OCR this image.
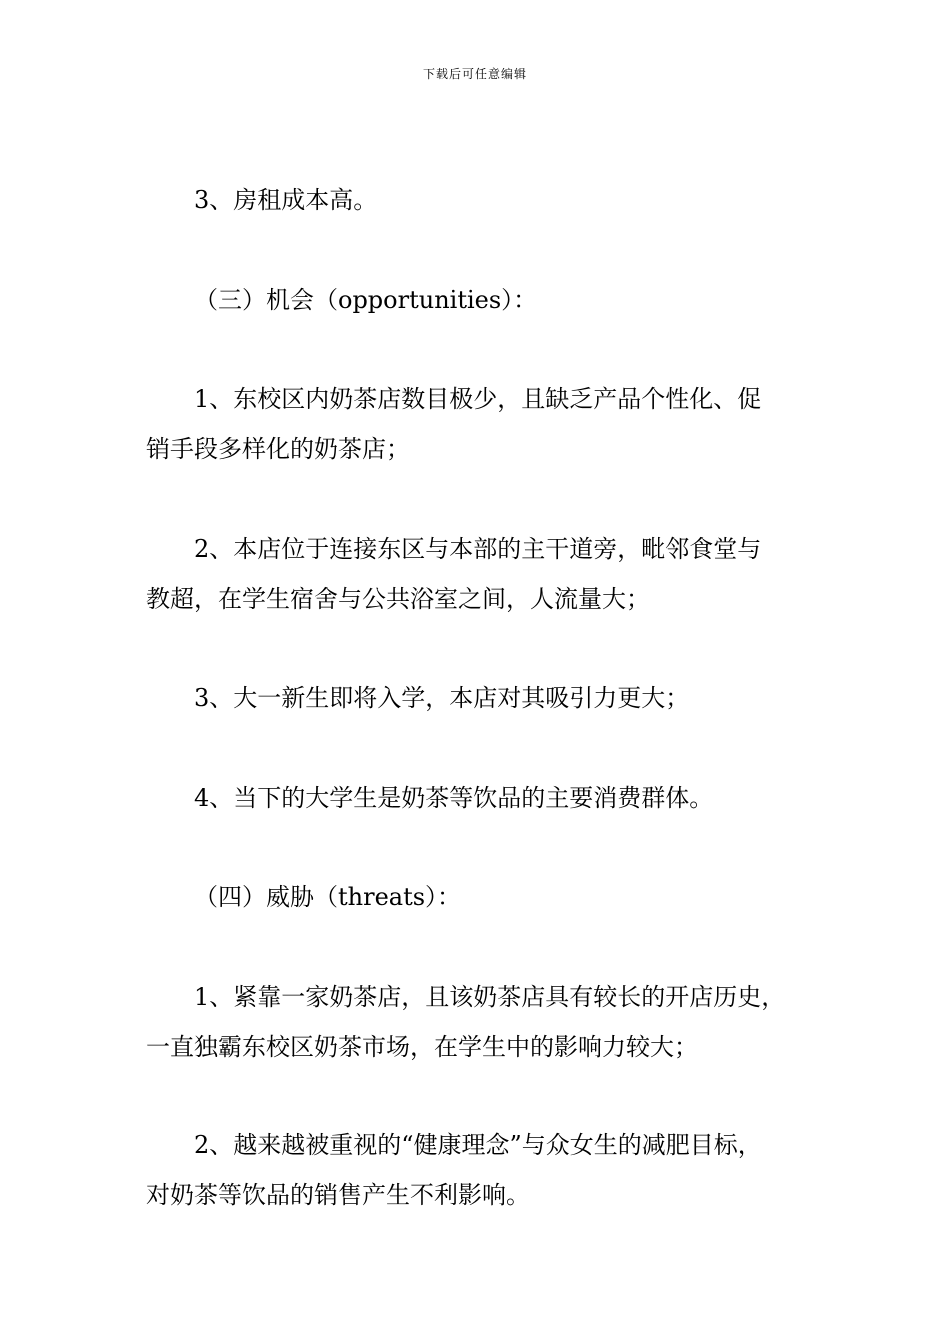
下载后可任意编辑

3、房租成本高。

（三）机会（opportunities）：

1、东校区内奶茶店数目极少，且缺乏产品个性化、促
销手段多样化的奶茶店；

2、本店位于连接东区与本部的主干道旁，毗邻食堂与
教超，在学生宿舍与公共浴室之间，人流量大；

3、大一新生即将入学，本店对其吸引力更大；

4、当下的大学生是奶茶等饮品的主要消费群体。

（四）威胁（threats）：

1、紧靠一家奶茶店，且该奶茶店具有较长的开店历史，
一直独霸东校区奶茶市场，在学生中的影响力较大；

2、越来越被重视的“健康理念”与众女生的减肥目标，
对奶茶等饮品的销售产生不利影响。
